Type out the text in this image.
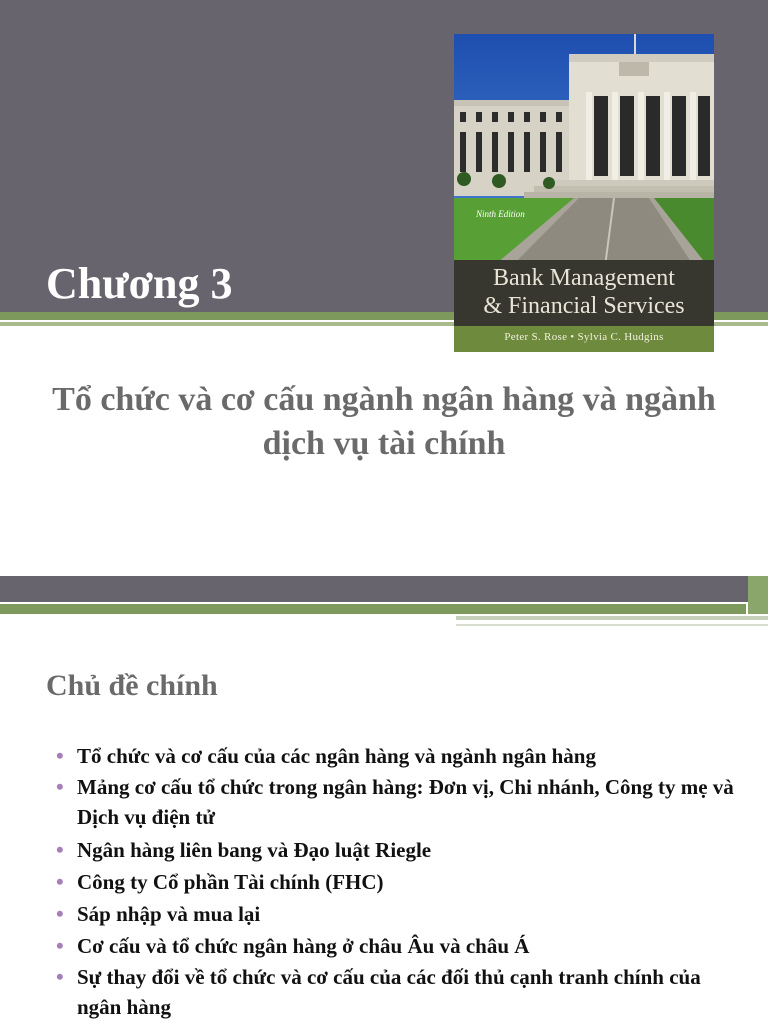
Chương 3
Ninth Edition
Bank Management
& Financial Services
Peter S. Rose • Sylvia C. Hudgins
Tổ chức và cơ cấu ngành ngân hàng và ngành dịch vụ tài chính
Chủ đề chính
• Tổ chức và cơ cấu của các ngân hàng và ngành ngân hàng
• Mảng cơ cấu tổ chức trong ngân hàng: Đơn vị, Chi nhánh, Công ty mẹ và Dịch vụ điện tử
• Ngân hàng liên bang và Đạo luật Riegle
• Công ty Cổ phần Tài chính (FHC)
• Sáp nhập và mua lại
• Cơ cấu và tổ chức ngân hàng ở châu Âu và châu Á
• Sự thay đổi về tổ chức và cơ cấu của các đối thủ cạnh tranh chính của ngân hàng
